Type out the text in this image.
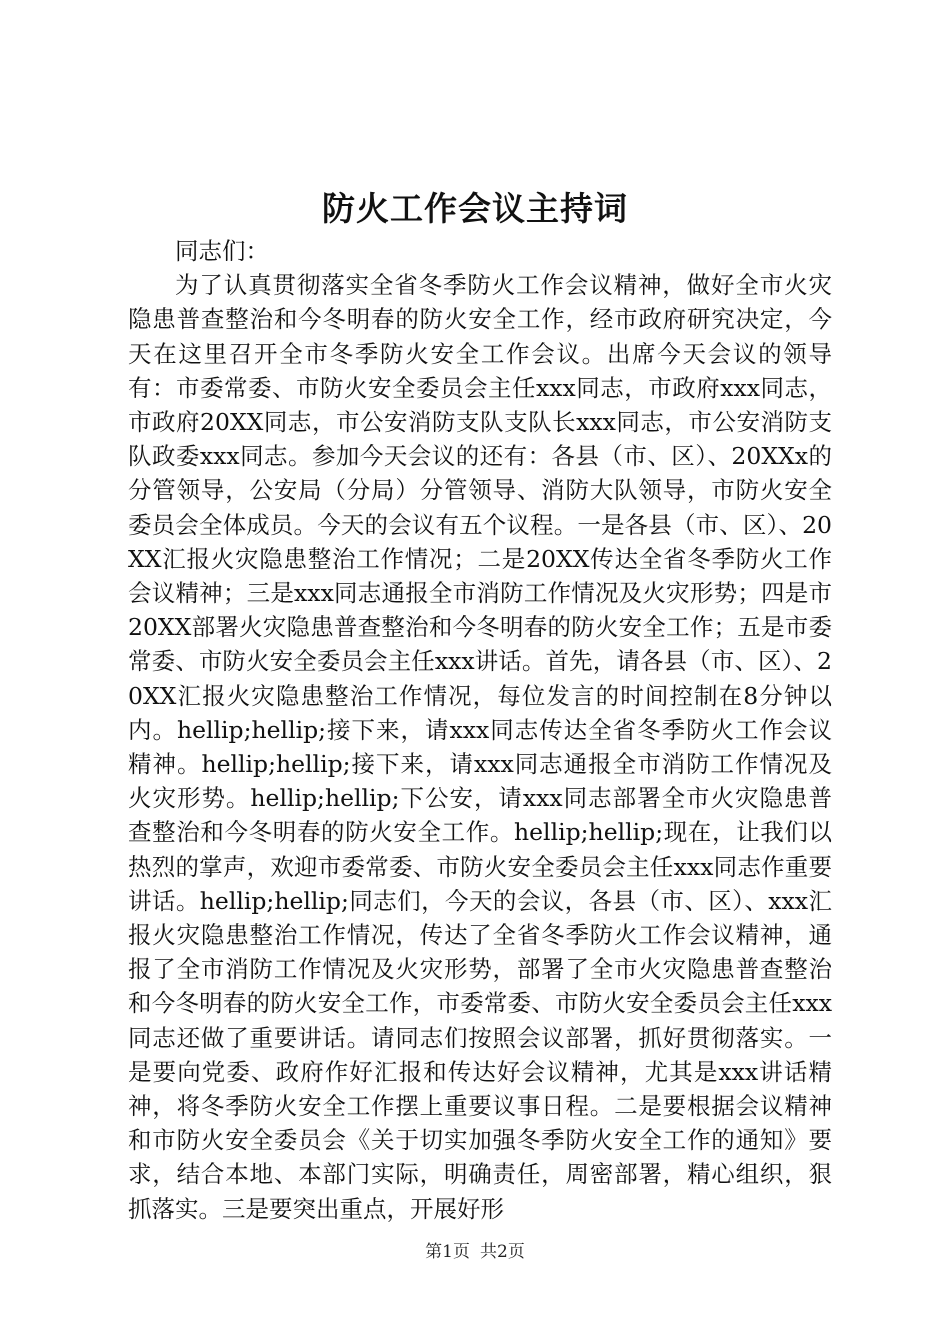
防火工作会议主持词

同志们：

为了认真贯彻落实全省冬季防火工作会议精神，做好全市火灾隐患普查整治和今冬明春的防火安全工作，经市政府研究决定，今天在这里召开全市冬季防火安全工作会议。出席今天会议的领导有：市委常委、市防火安全委员会主任xxx同志，市政府xxx同志，市政府20XX同志，市公安消防支队支队长xxx同志，市公安消防支队政委xxx同志。参加今天会议的还有：各县（市、区）、20XXx的分管领导，公安局（分局）分管领导、消防大队领导，市防火安全委员会全体成员。今天的会议有五个议程。一是各县（市、区）、20XX汇报火灾隐患整治工作情况；二是20XX传达全省冬季防火工作会议精神；三是xxx同志通报全市消防工作情况及火灾形势；四是市20XX部署火灾隐患普查整治和今冬明春的防火安全工作；五是市委常委、市防火安全委员会主任xxx讲话。首先，请各县（市、区）、20XX汇报火灾隐患整治工作情况，每位发言的时间控制在8分钟以内。hellip;hellip;接下来，请xxx同志传达全省冬季防火工作会议精神。hellip;hellip;接下来，请xxx同志通报全市消防工作情况及火灾形势。hellip;hellip;下公安，请xxx同志部署全市火灾隐患普查整治和今冬明春的防火安全工作。hellip;hellip;现在，让我们以热烈的掌声，欢迎市委常委、市防火安全委员会主任xxx同志作重要讲话。hellip;hellip;同志们，今天的会议，各县（市、区）、xxx汇报火灾隐患整治工作情况，传达了全省冬季防火工作会议精神，通报了全市消防工作情况及火灾形势，部署了全市火灾隐患普查整治和今冬明春的防火安全工作，市委常委、市防火安全委员会主任xxx同志还做了重要讲话。请同志们按照会议部署，抓好贯彻落实。一是要向党委、政府作好汇报和传达好会议精神，尤其是xxx讲话精神，将冬季防火安全工作摆上重要议事日程。二是要根据会议精神和市防火安全委员会《关于切实加强冬季防火安全工作的通知》要求，结合本地、本部门实际，明确责任，周密部署，精心组织，狠抓落实。三是要突出重点，开展好形

第1页 共2页
